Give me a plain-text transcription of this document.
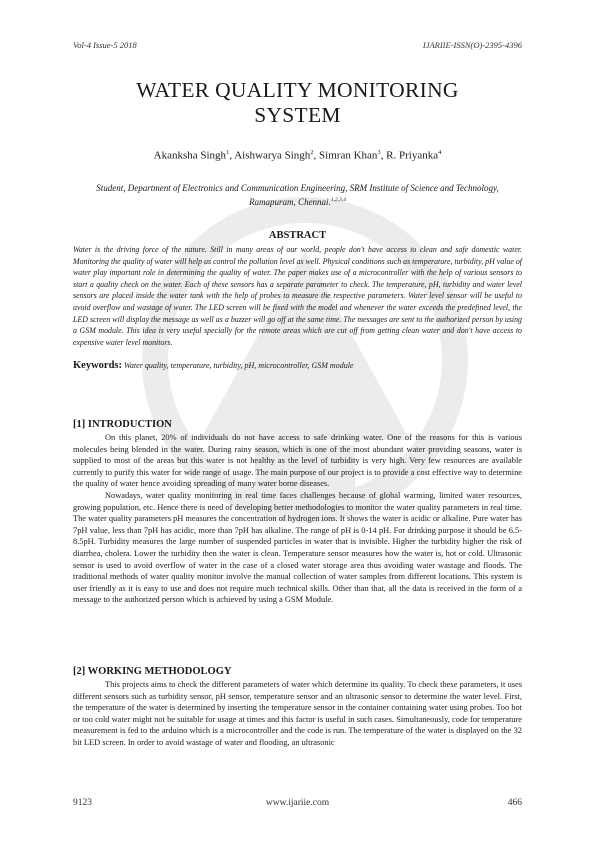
Vol-4 Issue-5 2018	IJARIIE-ISSN(O)-2395-4396
WATER QUALITY MONITORING
SYSTEM
Akanksha Singh$^1$, Aishwarya Singh$^2$, Simran Khan$^3$, R. Priyanka$^4$
Student, Department of Electronics and Communication Engineering, SRM Institute of Science and Technology, Ramapuram, Chennai.$^{1,2,3,4}$
ABSTRACT
Water is the driving force of the nature. Still in many areas of our world, people don't have access to clean and safe domestic water. Monitoring the quality of water will help us control the pollution level as well. Physical conditions such as temperature, turbidity, pH value of water play important role in determining the quality of water. The paper makes use of a microcontroller with the help of various sensors to start a quality check on the water. Each of these sensors has a separate parameter to check. The temperature, pH, turbidity and water level sensors are placed inside the water tank with the help of probes to measure the respective parameters. Water level sensor will be useful to avoid overflow and wastage of water. The LED screen will be fixed with the model and whenever the water exceeds the predefined level, the LED screen will display the message as well as a buzzer will go off at the same time. The messages are sent to the authorized person by using a GSM module. This idea is very useful specially for the remote areas which are cut off from getting clean water and don't have access to expensive water level monitors.
Keywords: Water quality, temperature, turbidity, pH, microcontroller, GSM module
[1] INTRODUCTION
On this planet, 20% of individuals do not have access to safe drinking water. One of the reasons for this is various molecules being blended in the water. During rainy season, which is one of the most abundant water providing seasons, water is supplied to most of the areas but this water is not healthy as the level of turbidity is very high. Very few resources are available currently to purify this water for wide range of usage. The main purpose of our project is to provide a cost effective way to determine the quality of water hence avoiding spreading of many water borne diseases.
Nowadays, water quality monitoring in real time faces challenges because of global warming, limited water resources, growing population, etc. Hence there is need of developing better methodologies to monitor the water quality parameters in real time. The water quality parameters pH measures the concentration of hydrogen ions. It shows the water is acidic or alkaline. Pure water has 7pH value, less than 7pH has acidic, more than 7pH has alkaline. The range of pH is 0-14 pH. For drinking purpose it should be 6.5-8.5pH. Turbidity measures the large number of suspended particles in water that is invisible. Higher the turbidity higher the risk of diarrhea, cholera. Lower the turbidity then the water is clean. Temperature sensor measures how the water is, hot or cold. Ultrasonic sensor is used to avoid overflow of water in the case of a closed water storage area thus avoiding water wastage and floods. The traditional methods of water quality monitor involve the manual collection of water samples from different locations. This system is user friendly as it is easy to use and does not require much technical skills. Other than that, all the data is received in the form of a message to the authorized person which is achieved by using a GSM Module.
[2] WORKING METHODOLOGY
This projects aims to check the different parameters of water which determine its quality. To check these parameters, it uses different sensors such as turbidity sensor, pH sensor, temperature sensor and an ultrasonic sensor to determine the water level. First, the temperature of the water is determined by inserting the temperature sensor in the container containing water using probes. Too hot or too cold water might not be suitable for usage at times and this factor is useful in such cases. Simultaneously, code for temperature measurement is fed to the arduino which is a microcontroller and the code is run. The temperature of the water is displayed on the 32 bit LED screen. In order to avoid wastage of water and flooding, an ultrasonic
9123	www.ijariie.com	466
